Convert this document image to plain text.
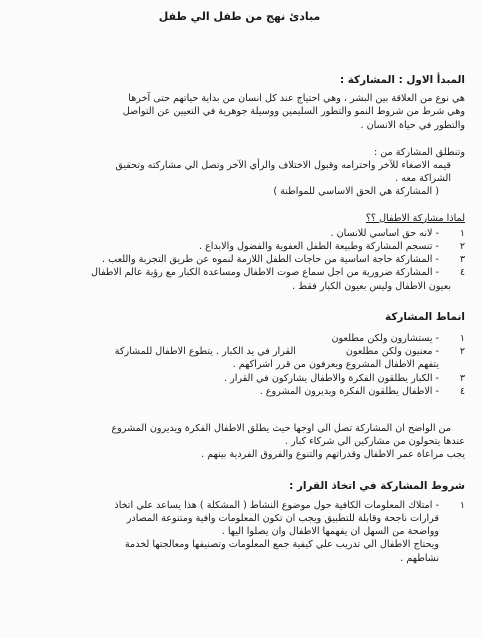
مبادئ نهج من طفل الي طفل
المبدأ الاول : المشاركة :

هي نوع من العلاقة بين البشر ، وهي احتياج عند كل انسان من بداية حياتهم حتى آخرها

وهي شرط من شروط النمو والتطور السليمين ووسيلة جوهرية في التعيين عن التواصل

والتطور في حياة الانسان .

وتنطلق المشاركة من :

قيمه الاصغاء للآخر واحترامه وقبول الاختلاف والرأي الآخر وتصل الي مشاركته وتحقيق

الشراكة معه .

( المشاركة هي الحق الاساسي للمواطنة )

لماذا مشاركة الاطفال ؟؟

١
- لانه حق اساسي للانسان .
٢
- تنسجم المشاركة وطبيعة الطفل العفوية والفضول والابداع .
٣
- المشاركة حاجة اساسية من حاجات الطفل اللازمة لنموه عن طريق التجربة واللعب .
٤
- المشاركة ضرورية من اجل سماع صوت الاطفال ومساعدة الكبار مع رؤية عالم الاطفال

بعيون الاطفال وليس بعيون الكبار فقط .

انماط المشاركة
١
- يستشارون ولكن مطلعون
٢
- معنيون ولكن مطلعون القرار في يد الكبار . يتطوع الاطفال للمشاركة
يتفهم الاطفال المشروع ويعرفون من قرر اشراكهم .
٣
- الكبار يطلقون الفكرة والاطفال يشاركون في القرار .
٤
- الاطفال يطلقون الفكرة ويديرون المشروع .

من الواضح ان المشاركة تصل الي اوجها حيث يطلق الاطفال الفكرة ويديرون المشروع

عندها يتحولون من مشاركين الي شركاء كبار .

يجب مراعاة عمر الاطفال وقدراتهم والتنوع والفروق الفردية بينهم .

شروط المشاركة في اتخاذ القرار :
١
- امتلاك المعلومات الكافية حول موضوع النشاط ( المشكلة ) هذا يساعد علي اتخاذ

قرارات ناجحة وقابلة للتطبيق ويجب ان تكون المعلومات وافية ومتنوعة المصادر

وواضحة من السهل ان يفهمها الاطفال وان يصلوا اليها .

ويحتاج الاطفال الي تدريب علي كيفية جمع المعلومات وتصنيفها ومعالجتها لخدمة

نشاطهم .
